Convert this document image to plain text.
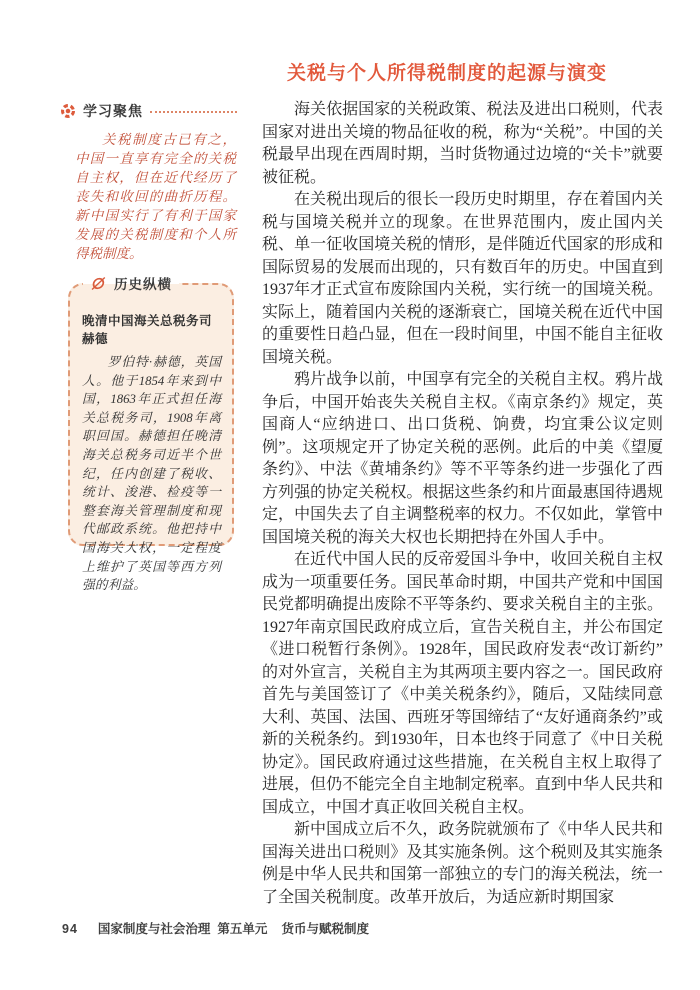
学习聚焦

关税制度古已有之，中国一直享有完全的关税自主权，但在近代经历了丧失和收回的曲折历程。新中国实行了有利于国家发展的关税制度和个人所得税制度。

历史纵横
晚清中国海关总税务司赫德

罗伯特·赫德，英国人。他于1854年来到中国，1863年正式担任海关总税务司，1908年离职回国。赫德担任晚清海关总税务司近半个世纪，任内创建了税收、统计、浚港、检疫等一整套海关管理制度和现代邮政系统。他把持中国海关大权，一定程度上维护了英国等西方列强的利益。

关税与个人所得税制度的起源与演变

海关依据国家的关税政策、税法及进出口税则，代表国家对进出关境的物品征收的税，称为“关税”。中国的关税最早出现在西周时期，当时货物通过边境的“关卡”就要被征税。

在关税出现后的很长一段历史时期里，存在着国内关税与国境关税并立的现象。在世界范围内，废止国内关税、单一征收国境关税的情形，是伴随近代国家的形成和国际贸易的发展而出现的，只有数百年的历史。中国直到1937年才正式宣布废除国内关税，实行统一的国境关税。实际上，随着国内关税的逐渐衰亡，国境关税在近代中国的重要性日趋凸显，但在一段时间里，中国不能自主征收国境关税。

鸦片战争以前，中国享有完全的关税自主权。鸦片战争后，中国开始丧失关税自主权。《南京条约》规定，英国商人“应纳进口、出口货税、饷费，均宜秉公议定则例”。这项规定开了协定关税的恶例。此后的中美《望厦条约》、中法《黄埔条约》等不平等条约进一步强化了西方列强的协定关税权。根据这些条约和片面最惠国待遇规定，中国失去了自主调整税率的权力。不仅如此，掌管中国国境关税的海关大权也长期把持在外国人手中。

在近代中国人民的反帝爱国斗争中，收回关税自主权成为一项重要任务。国民革命时期，中国共产党和中国国民党都明确提出废除不平等条约、要求关税自主的主张。1927年南京国民政府成立后，宣告关税自主，并公布国定《进口税暂行条例》。1928年，国民政府发表“改订新约”的对外宣言，关税自主为其两项主要内容之一。国民政府首先与美国签订了《中美关税条约》，随后，又陆续同意大利、英国、法国、西班牙等国缔结了“友好通商条约”或新的关税条约。到1930年，日本也终于同意了《中日关税协定》。国民政府通过这些措施，在关税自主权上取得了进展，但仍不能完全自主地制定税率。直到中华人民共和国成立，中国才真正收回关税自主权。

新中国成立后不久，政务院就颁布了《中华人民共和国海关进出口税则》及其实施条例。这个税则及其实施条例是中华人民共和国第一部独立的专门的海关税法，统一了全国关税制度。改革开放后，为适应新时期国家

94 国家制度与社会治理 第五单元 货币与赋税制度
